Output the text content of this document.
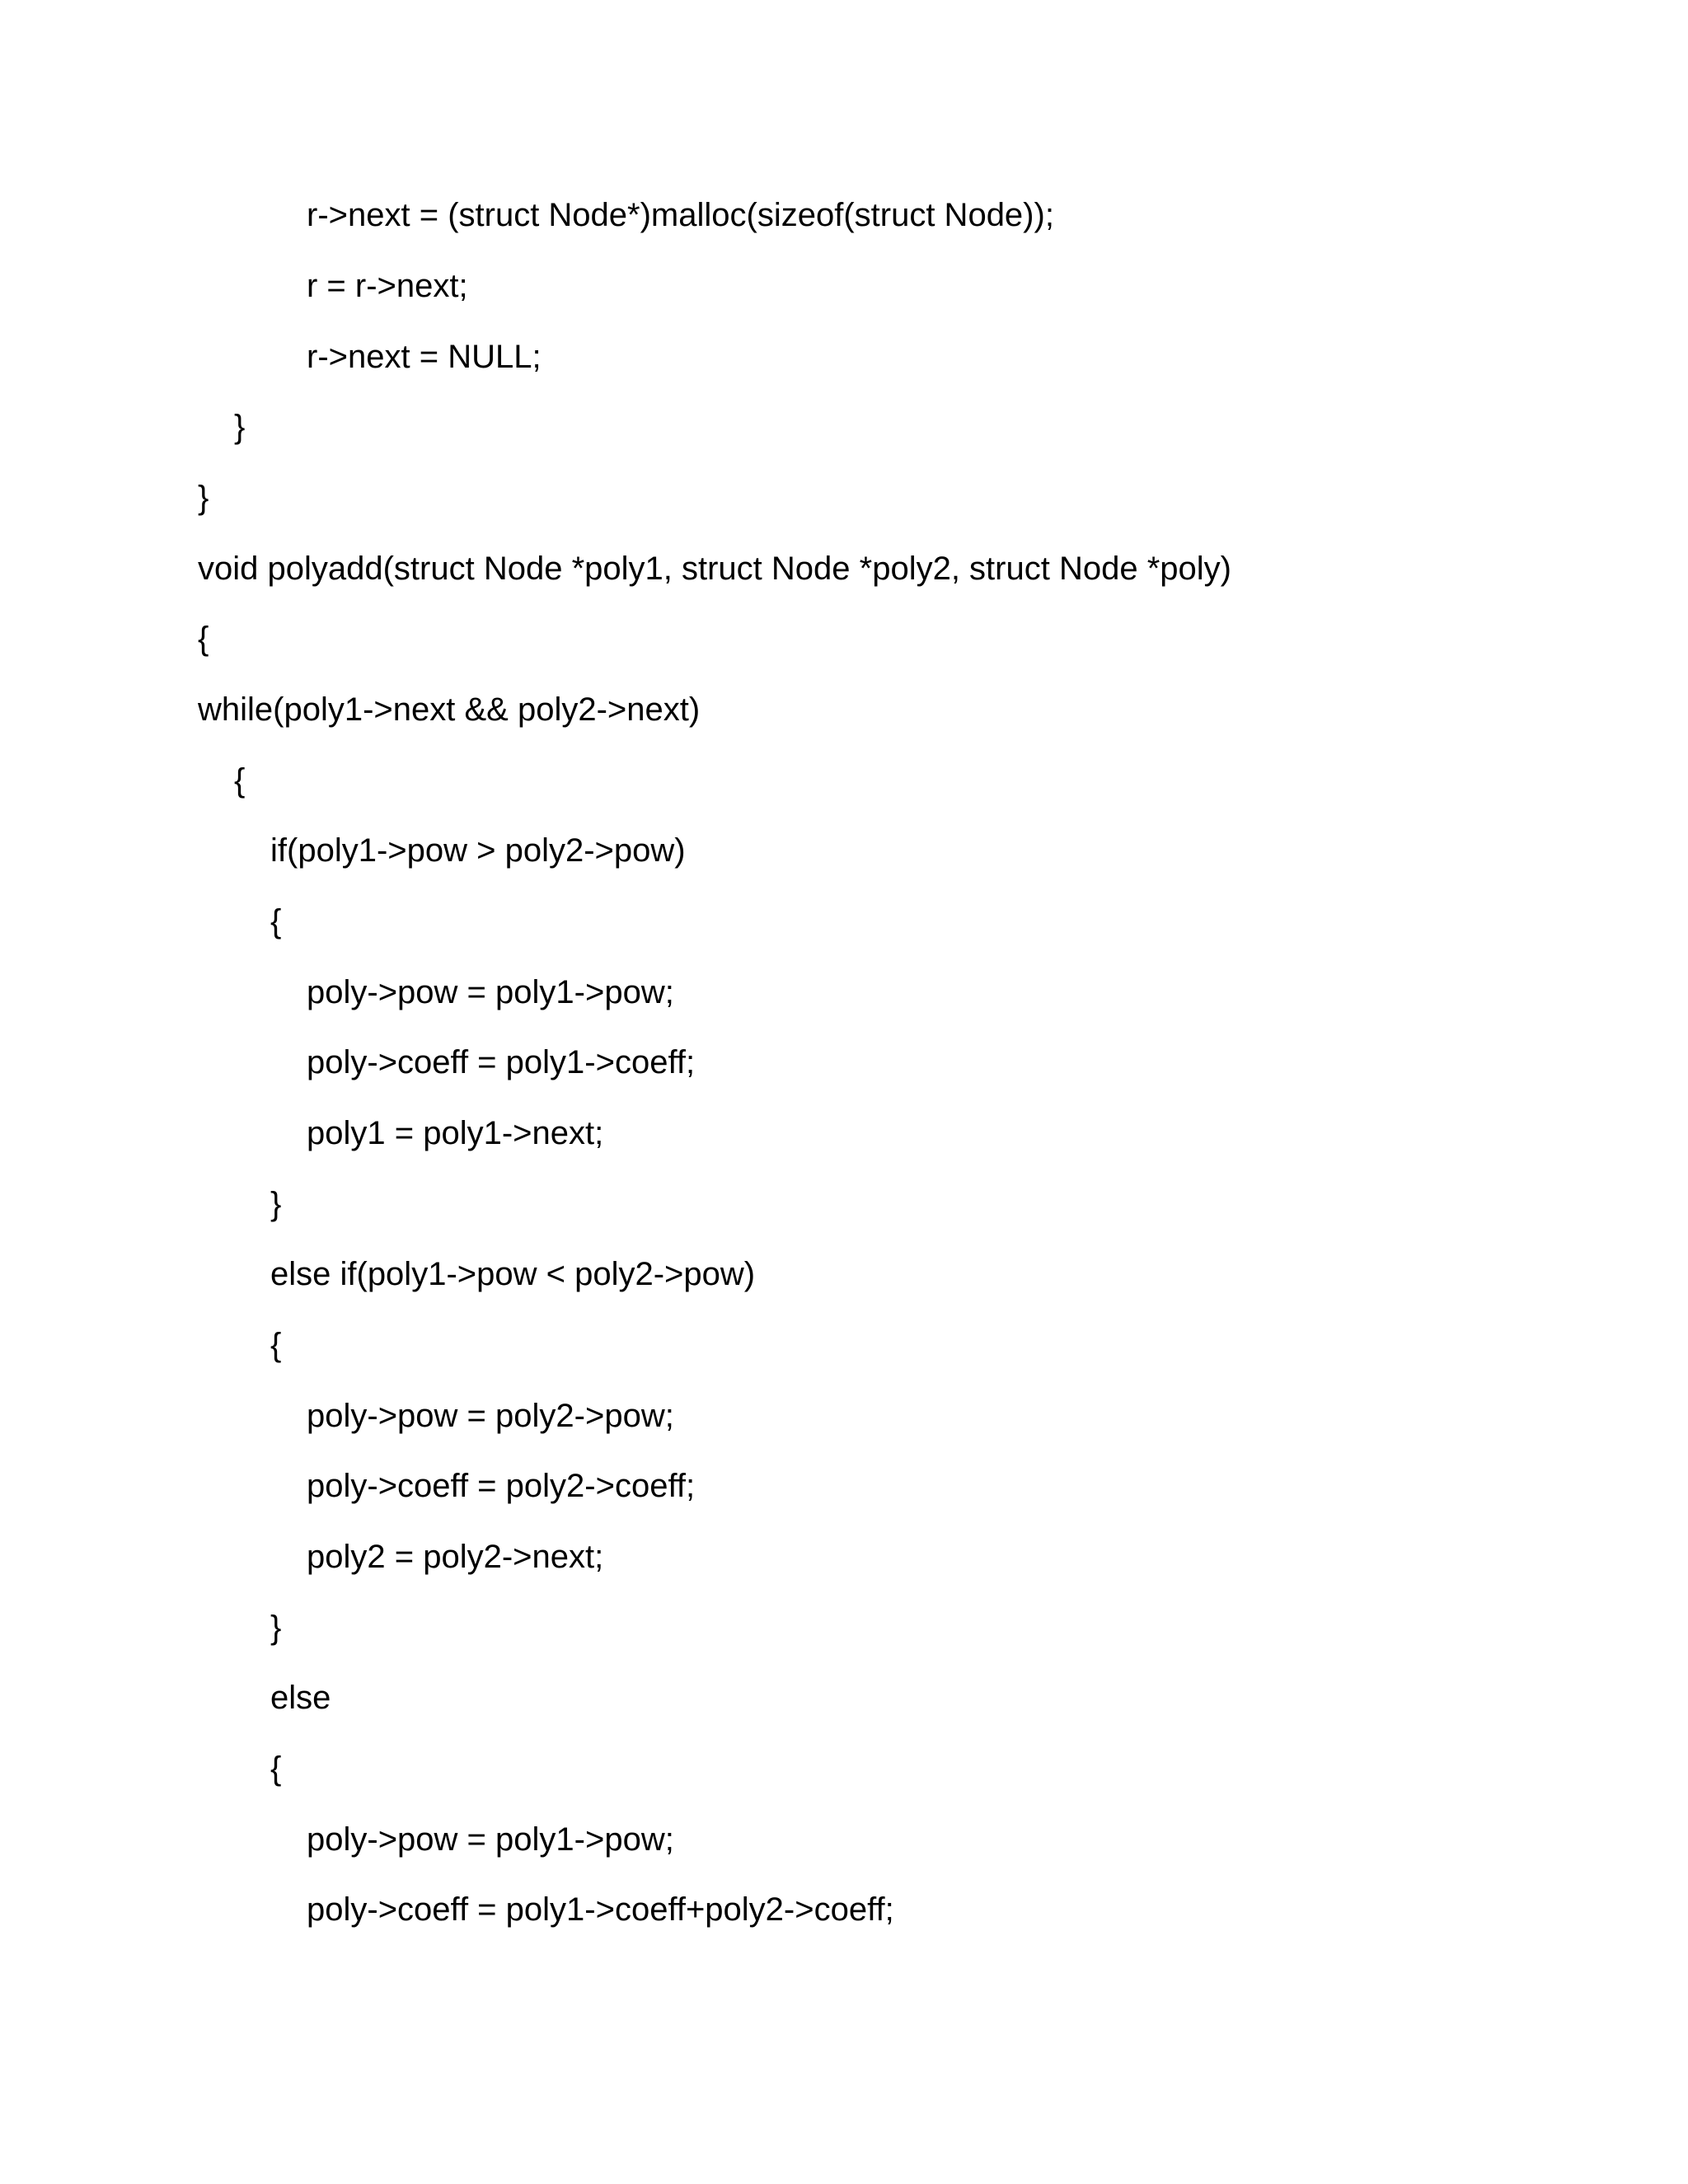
r->next = (struct Node*)malloc(sizeof(struct Node));
r = r->next;
r->next = NULL;
}
}
void polyadd(struct Node *poly1, struct Node *poly2, struct Node *poly)
{
while(poly1->next && poly2->next)
{
if(poly1->pow > poly2->pow)
{
poly->pow = poly1->pow;
poly->coeff = poly1->coeff;
poly1 = poly1->next;
}
else if(poly1->pow < poly2->pow)
{
poly->pow = poly2->pow;
poly->coeff = poly2->coeff;
poly2 = poly2->next;
}
else
{
poly->pow = poly1->pow;
poly->coeff = poly1->coeff+poly2->coeff;
